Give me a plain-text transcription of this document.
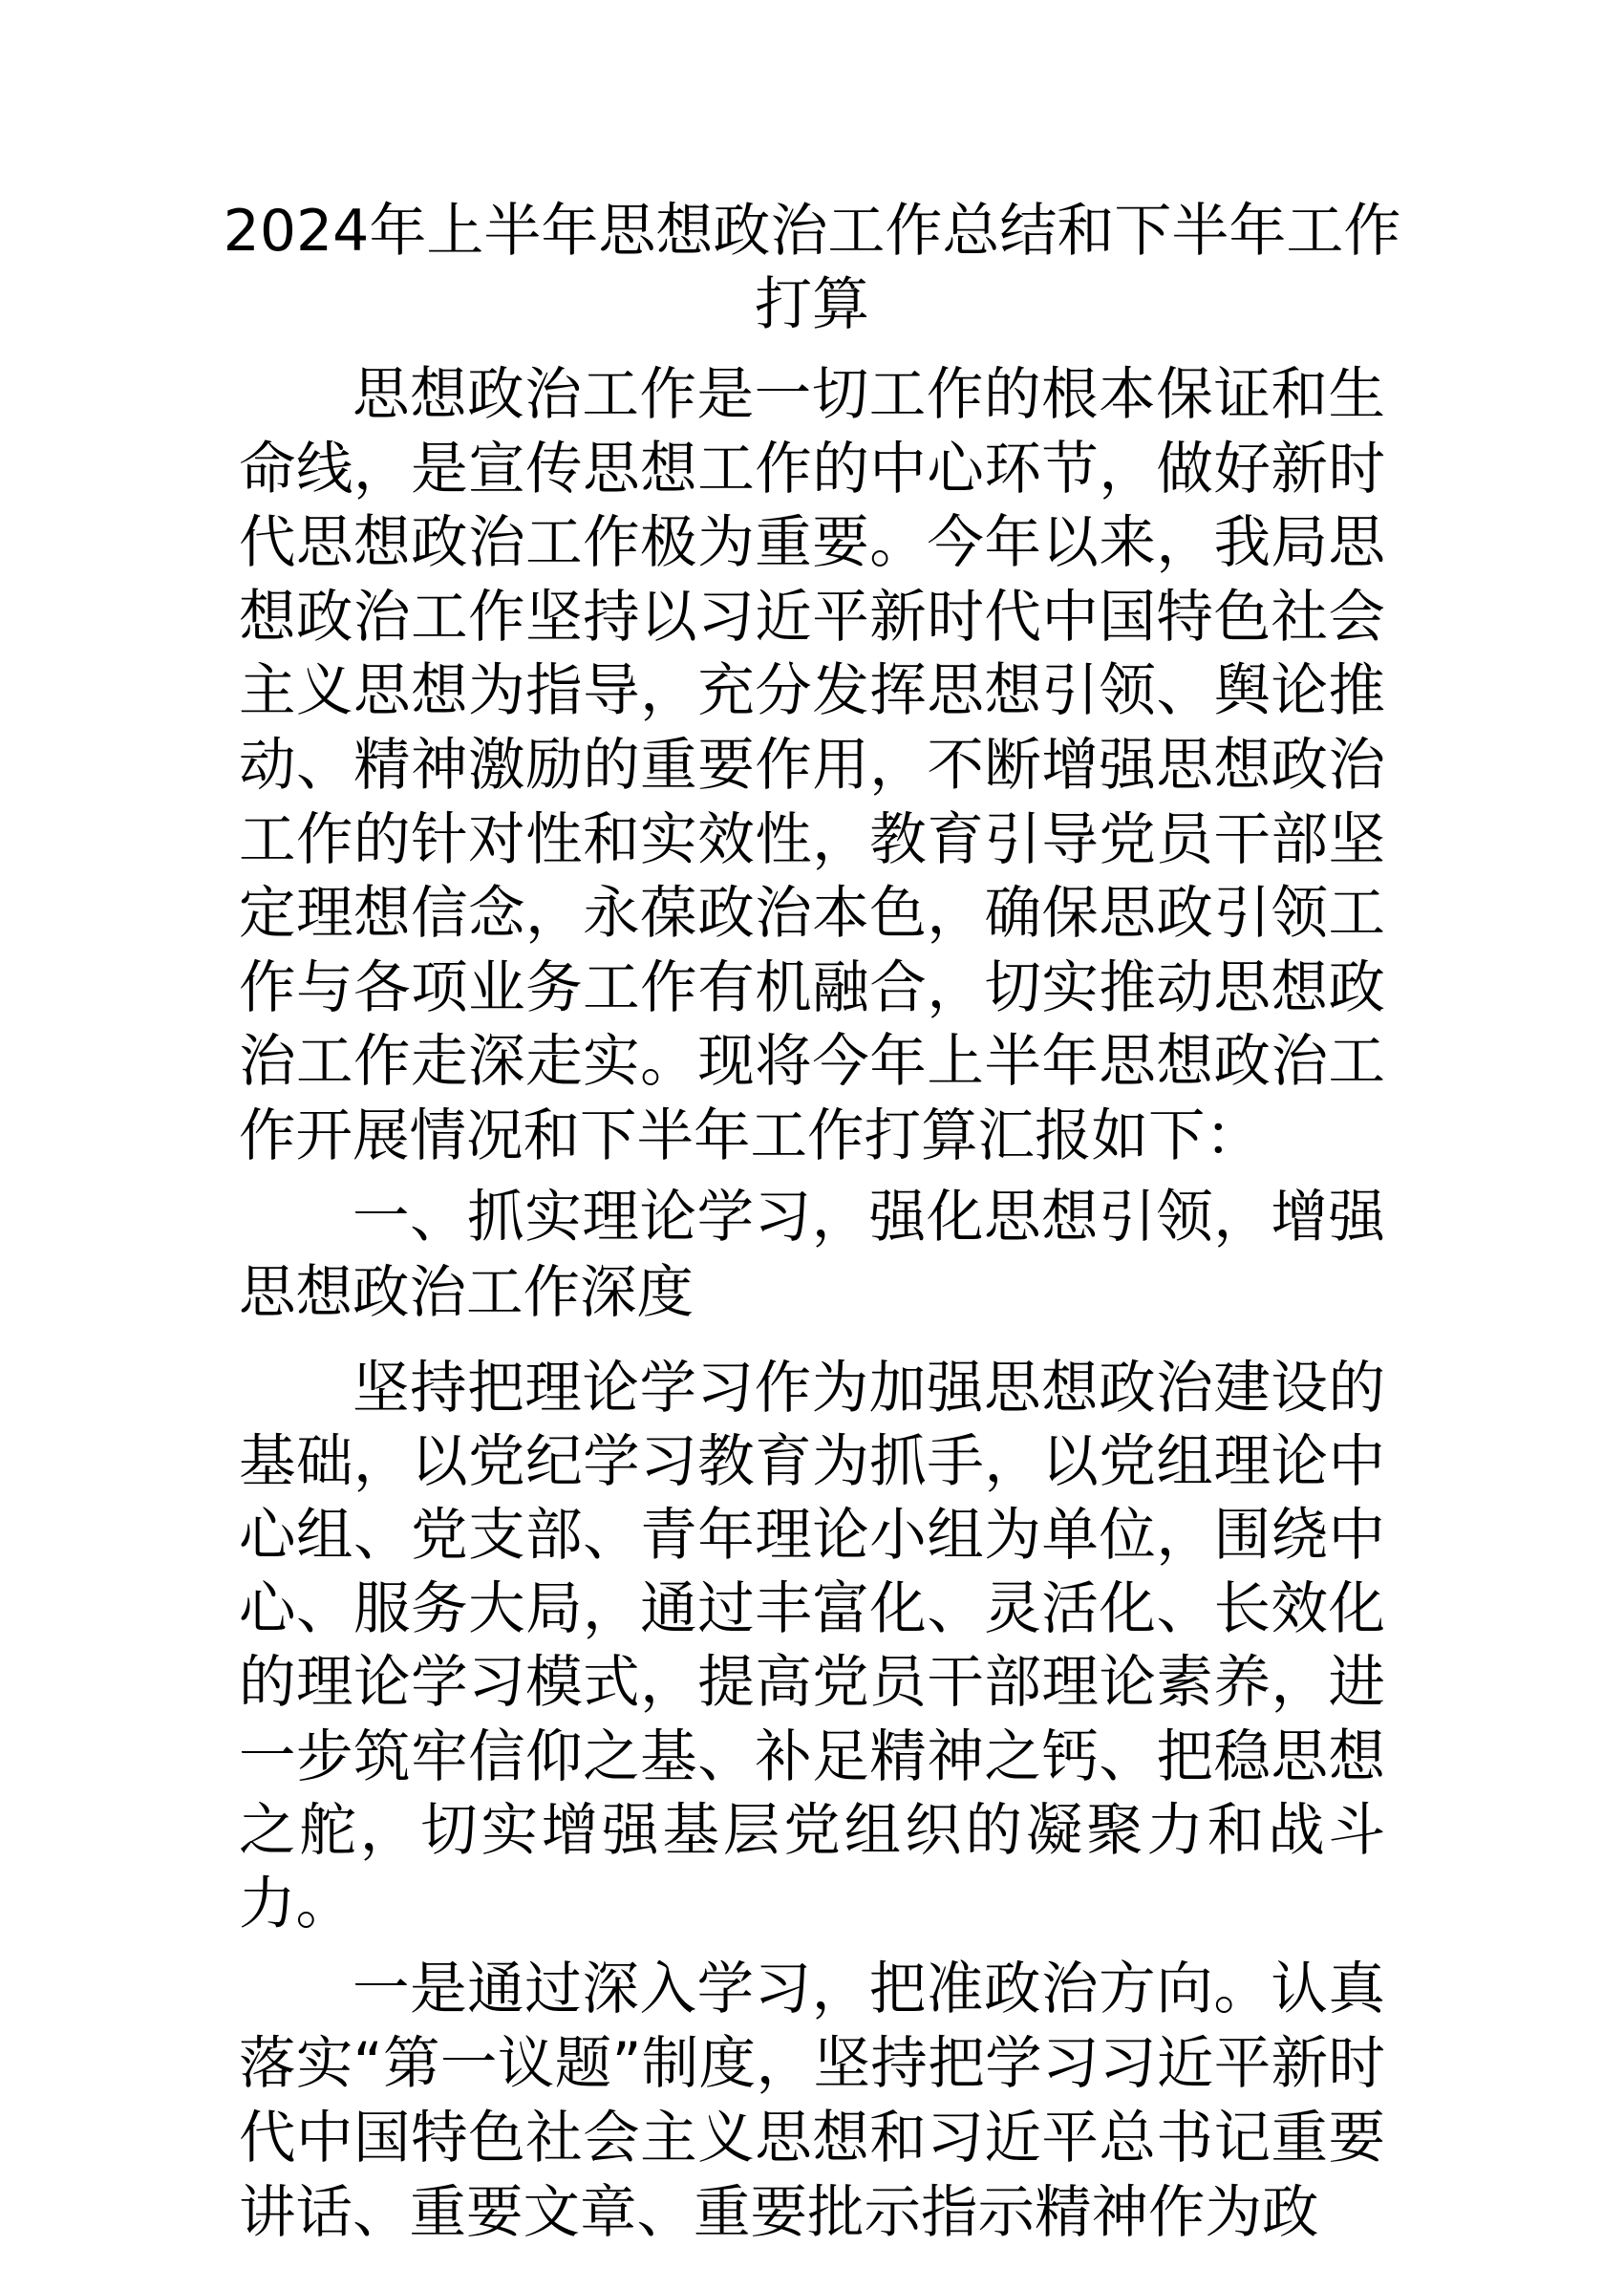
2024年上半年思想政治工作总结和下半年工作
打算

思想政治工作是一切工作的根本保证和生命线，是宣传思想工作的中心环节，做好新时代思想政治工作极为重要。今年以来，我局思想政治工作坚持以习近平新时代中国特色社会主义思想为指导，充分发挥思想引领、舆论推动、精神激励的重要作用，不断增强思想政治工作的针对性和实效性，教育引导党员干部坚定理想信念，永葆政治本色，确保思政引领工作与各项业务工作有机融合，切实推动思想政治工作走深走实。现将今年上半年思想政治工作开展情况和下半年工作打算汇报如下：

一、抓实理论学习，强化思想引领，增强思想政治工作深度

坚持把理论学习作为加强思想政治建设的基础，以党纪学习教育为抓手，以党组理论中心组、党支部、青年理论小组为单位，围绕中心、服务大局，通过丰富化、灵活化、长效化的理论学习模式，提高党员干部理论素养，进一步筑牢信仰之基、补足精神之钙、把稳思想之舵，切实增强基层党组织的凝聚力和战斗力。

一是通过深入学习，把准政治方向。认真落实“第一议题”制度，坚持把学习习近平新时代中国特色社会主义思想和习近平总书记重要讲话、重要文章、重要批示指示精神作为政
